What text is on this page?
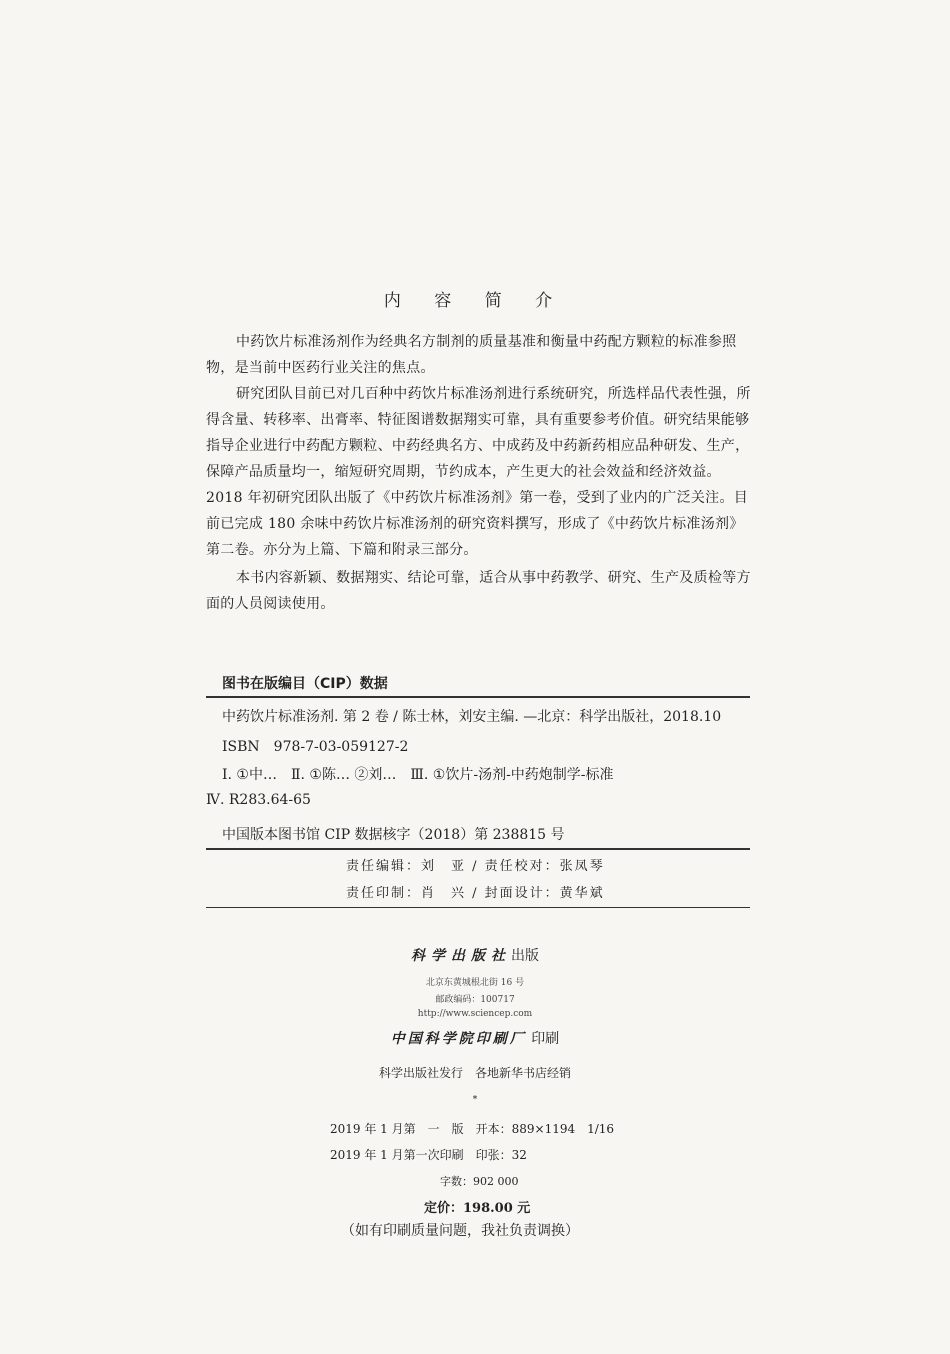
内 容 简 介
中药饮片标准汤剂作为经典名方制剂的质量基准和衡量中药配方颗粒的标准参照物，是当前中医药行业关注的焦点。
研究团队目前已对几百种中药饮片标准汤剂进行系统研究，所选样品代表性强，所得含量、转移率、出膏率、特征图谱数据翔实可靠，具有重要参考价值。研究结果能够指导企业进行中药配方颗粒、中药经典名方、中成药及中药新药相应品种研发、生产，保障产品质量均一，缩短研究周期，节约成本，产生更大的社会效益和经济效益。2018 年初研究团队出版了《中药饮片标准汤剂》第一卷，受到了业内的广泛关注。目前已完成 180 余味中药饮片标准汤剂的研究资料撰写，形成了《中药饮片标准汤剂》第二卷。亦分为上篇、下篇和附录三部分。
本书内容新颖、数据翔实、结论可靠，适合从事中药教学、研究、生产及质检等方面的人员阅读使用。
图书在版编目（CIP）数据
中药饮片标准汤剂. 第 2 卷 / 陈士林，刘安主编. —北京：科学出版社，2018.10
ISBN　978-7-03-059127-2
Ⅰ. ①中…　Ⅱ. ①陈… ②刘…　Ⅲ. ①饮片-汤剂-中药炮制学-标准
Ⅳ. R283.64-65
中国版本图书馆 CIP 数据核字（2018）第 238815 号
责任编辑：刘　亚 / 责任校对：张凤琴
责任印制：肖　兴 / 封面设计：黄华斌
科学出版社出版
北京东黄城根北街 16 号
邮政编码：100717
http://www.sciencep.com
中国科学院印刷厂 印刷
科学出版社发行　各地新华书店经销
*
2019 年 1 月第　一　版　开本：889×1194　1/16
2019 年 1 月第一次印刷　印张：32
字数：902 000
定价：198.00 元
（如有印刷质量问题，我社负责调换）
